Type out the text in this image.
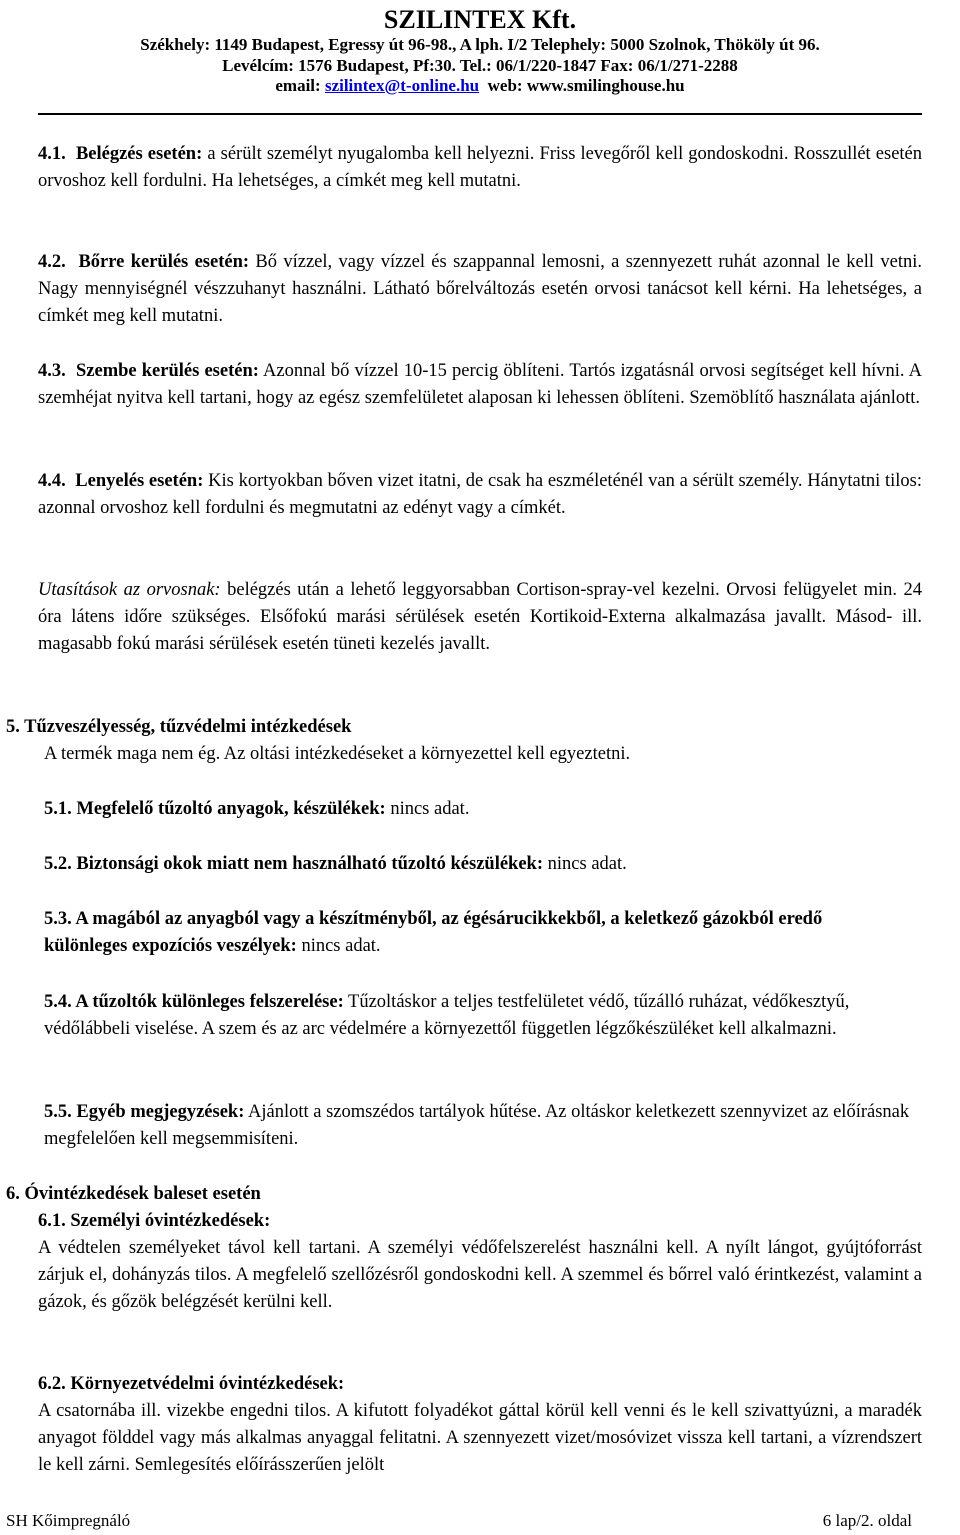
SZILINTEX Kft.
Székhely: 1149 Budapest, Egressy út 96-98., A lph. I/2 Telephely: 5000 Szolnok, Thököly út 96.
Levélcím: 1576 Budapest, Pf:30. Tel.: 06/1/220-1847 Fax: 06/1/271-2288
email: szilintex@t-online.hu web: www.smilinghouse.hu
4.1. Belégzés esetén: a sérült személyt nyugalomba kell helyezni. Friss levegőről kell gondoskodni. Rosszullét esetén orvoshoz kell fordulni. Ha lehetséges, a címkét meg kell mutatni.
4.2. Bőrre kerülés esetén: Bő vízzel, vagy vízzel és szappannal lemosni, a szennyezett ruhát azonnal le kell vetni. Nagy mennyiségnél vészzuhanyt használni. Látható bőrelváltozás esetén orvosi tanácsot kell kérni. Ha lehetséges, a címkét meg kell mutatni.
4.3. Szembe kerülés esetén: Azonnal bő vízzel 10-15 percig öblíteni. Tartós izgatásnál orvosi segítséget kell hívni. A szemhéjat nyitva kell tartani, hogy az egész szemfelületet alaposan ki lehessen öblíteni. Szemöblítő használata ajánlott.
4.4. Lenyelés esetén: Kis kortyokban bőven vizet itatni, de csak ha eszméleténél van a sérült személy. Hánytatni tilos: azonnal orvoshoz kell fordulni és megmutatni az edényt vagy a címkét.
Utasítások az orvosnak: belégzés után a lehető leggyorsabban Cortison-spray-vel kezelni. Orvosi felügyelet min. 24 óra látens időre szükséges. Elsőfokú marási sérülések esetén Kortikoid-Externa alkalmazása javallt. Másod- ill. magasabb fokú marási sérülések esetén tüneti kezelés javallt.
5. Tűzveszélyesség, tűzvédelmi intézkedések
A termék maga nem ég. Az oltási intézkedéseket a környezettel kell egyeztetni.
5.1. Megfelelő tűzoltó anyagok, készülékek: nincs adat.
5.2. Biztonsági okok miatt nem használható tűzoltó készülékek: nincs adat.
5.3. A magából az anyagból vagy a készítményből, az égésárucikkekből, a keletkező gázokból eredő különleges expozíciós veszélyek: nincs adat.
5.4. A tűzoltók különleges felszerelése: Tűzoltáskor a teljes testfelületet védő, tűzálló ruházat, védőkesztyű, védőlábbeli viselése. A szem és az arc védelmére a környezettől független légzőkészüléket kell alkalmazni.
5.5. Egyéb megjegyzések: Ajánlott a szomszédos tartályok hűtése. Az oltáskor keletkezett szennyvizet az előírásnak megfelelően kell megsemmisíteni.
6. Óvintézkedések baleset esetén
6.1. Személyi óvintézkedések:
A védtelen személyeket távol kell tartani. A személyi védőfelszerelést használni kell. A nyílt lángot, gyújtóforrást zárjuk el, dohányzás tilos. A megfelelő szellőzésről gondoskodni kell. A szemmel és bőrrel való érintkezést, valamint a gázok, és gőzök belégzését kerülni kell.
6.2. Környezetvédelmi óvintézkedések:
A csatornába ill. vizekbe engedni tilos. A kifutott folyadékot gáttal körül kell venni és le kell szivattyúzni, a maradék anyagot földdel vagy más alkalmas anyaggal felitatni. A szennyezett vizet/mosóvizet vissza kell tartani, a vízrendszert le kell zárni. Semlegesítés előírásszerűen jelölt
SH Kőimpregnáló	6 lap/2. oldal
